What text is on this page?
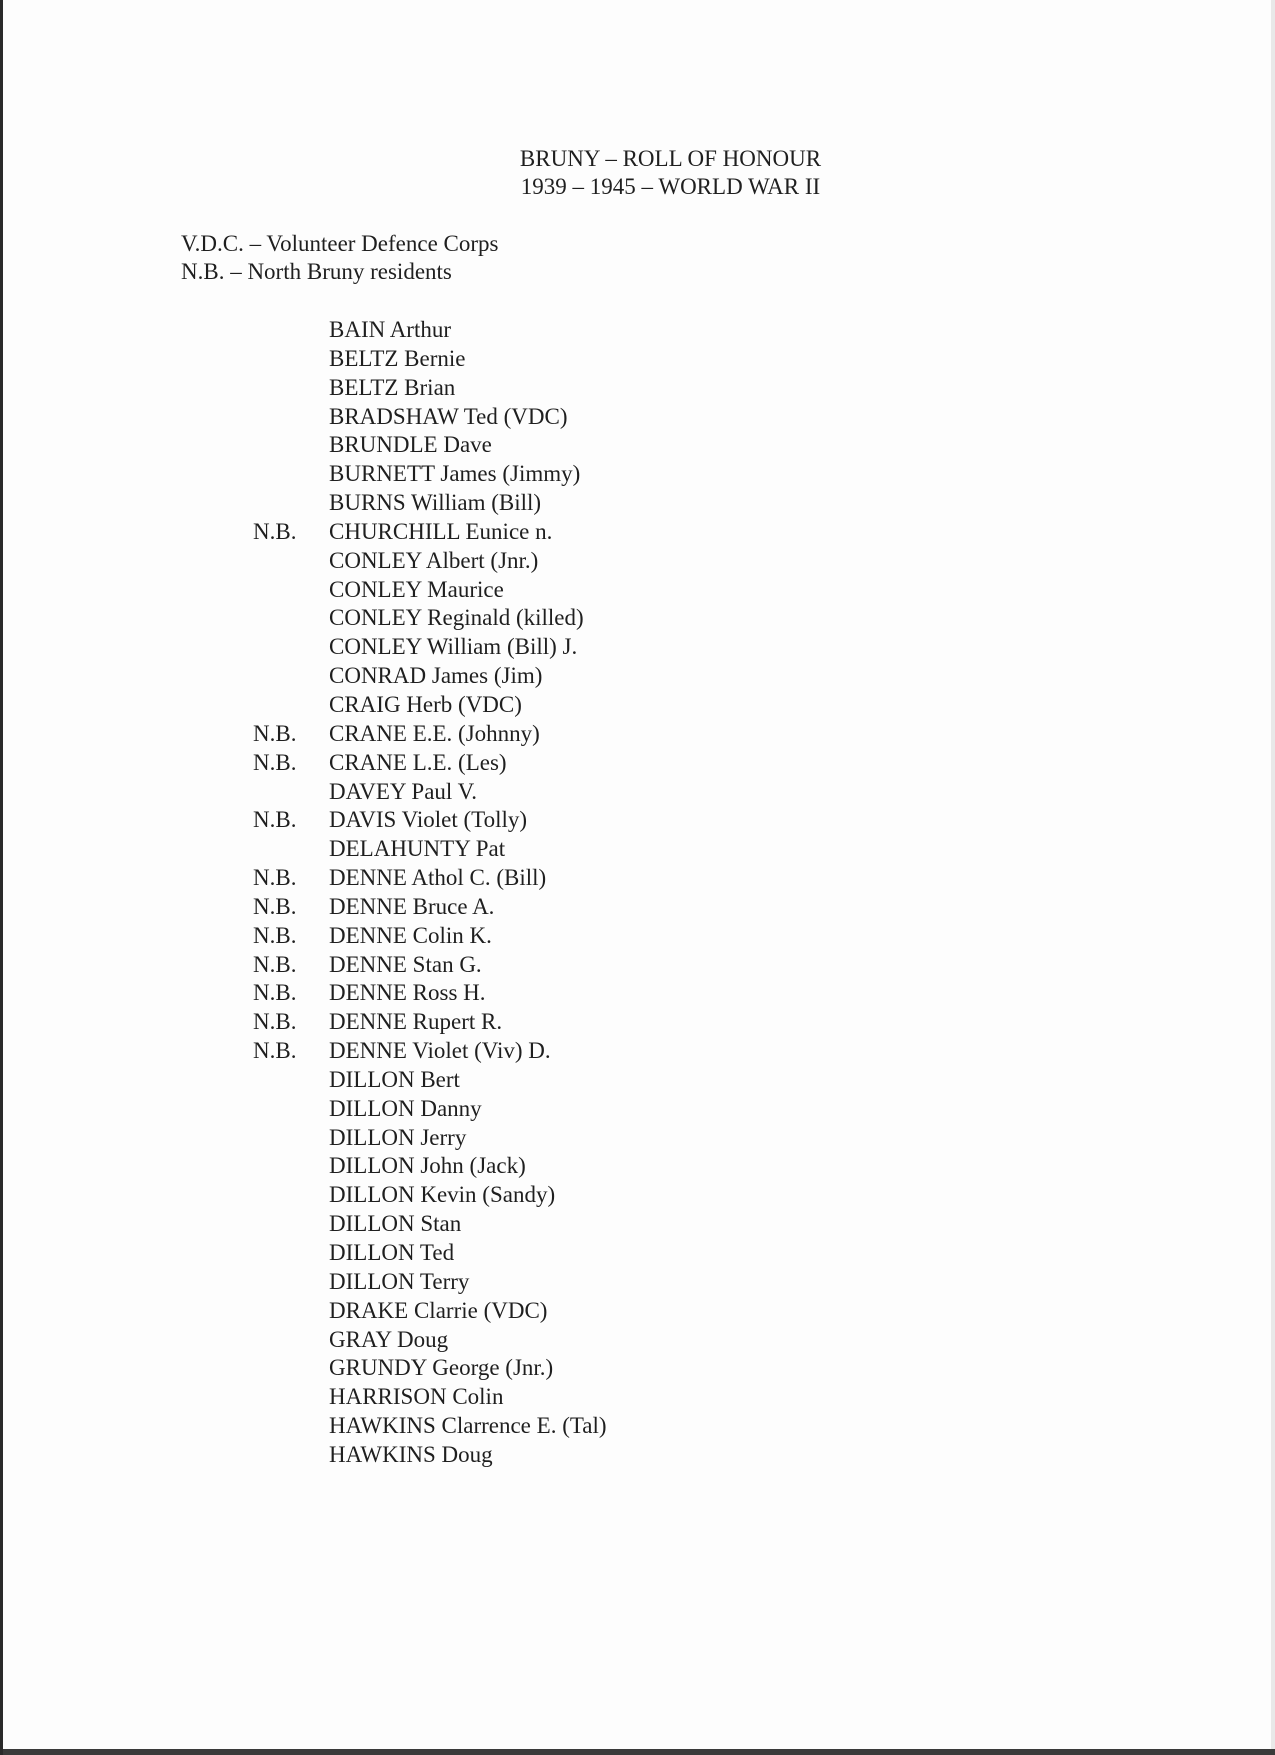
BRUNY – ROLL OF HONOUR
1939 – 1945 – WORLD WAR II
V.D.C. – Volunteer Defence Corps
N.B. – North Bruny residents
BAIN Arthur
BELTZ Bernie
BELTZ Brian
BRADSHAW Ted (VDC)
BRUNDLE Dave
BURNETT James (Jimmy)
BURNS William (Bill)
N.B. CHURCHILL Eunice n.
CONLEY Albert (Jnr.)
CONLEY Maurice
CONLEY Reginald (killed)
CONLEY William (Bill) J.
CONRAD James (Jim)
CRAIG Herb (VDC)
N.B. CRANE E.E. (Johnny)
N.B. CRANE L.E. (Les)
DAVEY Paul V.
N.B. DAVIS Violet (Tolly)
DELAHUNTY Pat
N.B. DENNE Athol C. (Bill)
N.B. DENNE Bruce A.
N.B. DENNE Colin K.
N.B. DENNE Stan G.
N.B. DENNE Ross H.
N.B. DENNE Rupert R.
N.B. DENNE Violet (Viv) D.
DILLON Bert
DILLON Danny
DILLON Jerry
DILLON John (Jack)
DILLON Kevin (Sandy)
DILLON Stan
DILLON Ted
DILLON Terry
DRAKE Clarrie (VDC)
GRAY Doug
GRUNDY George (Jnr.)
HARRISON Colin
HAWKINS Clarrence E. (Tal)
HAWKINS Doug
